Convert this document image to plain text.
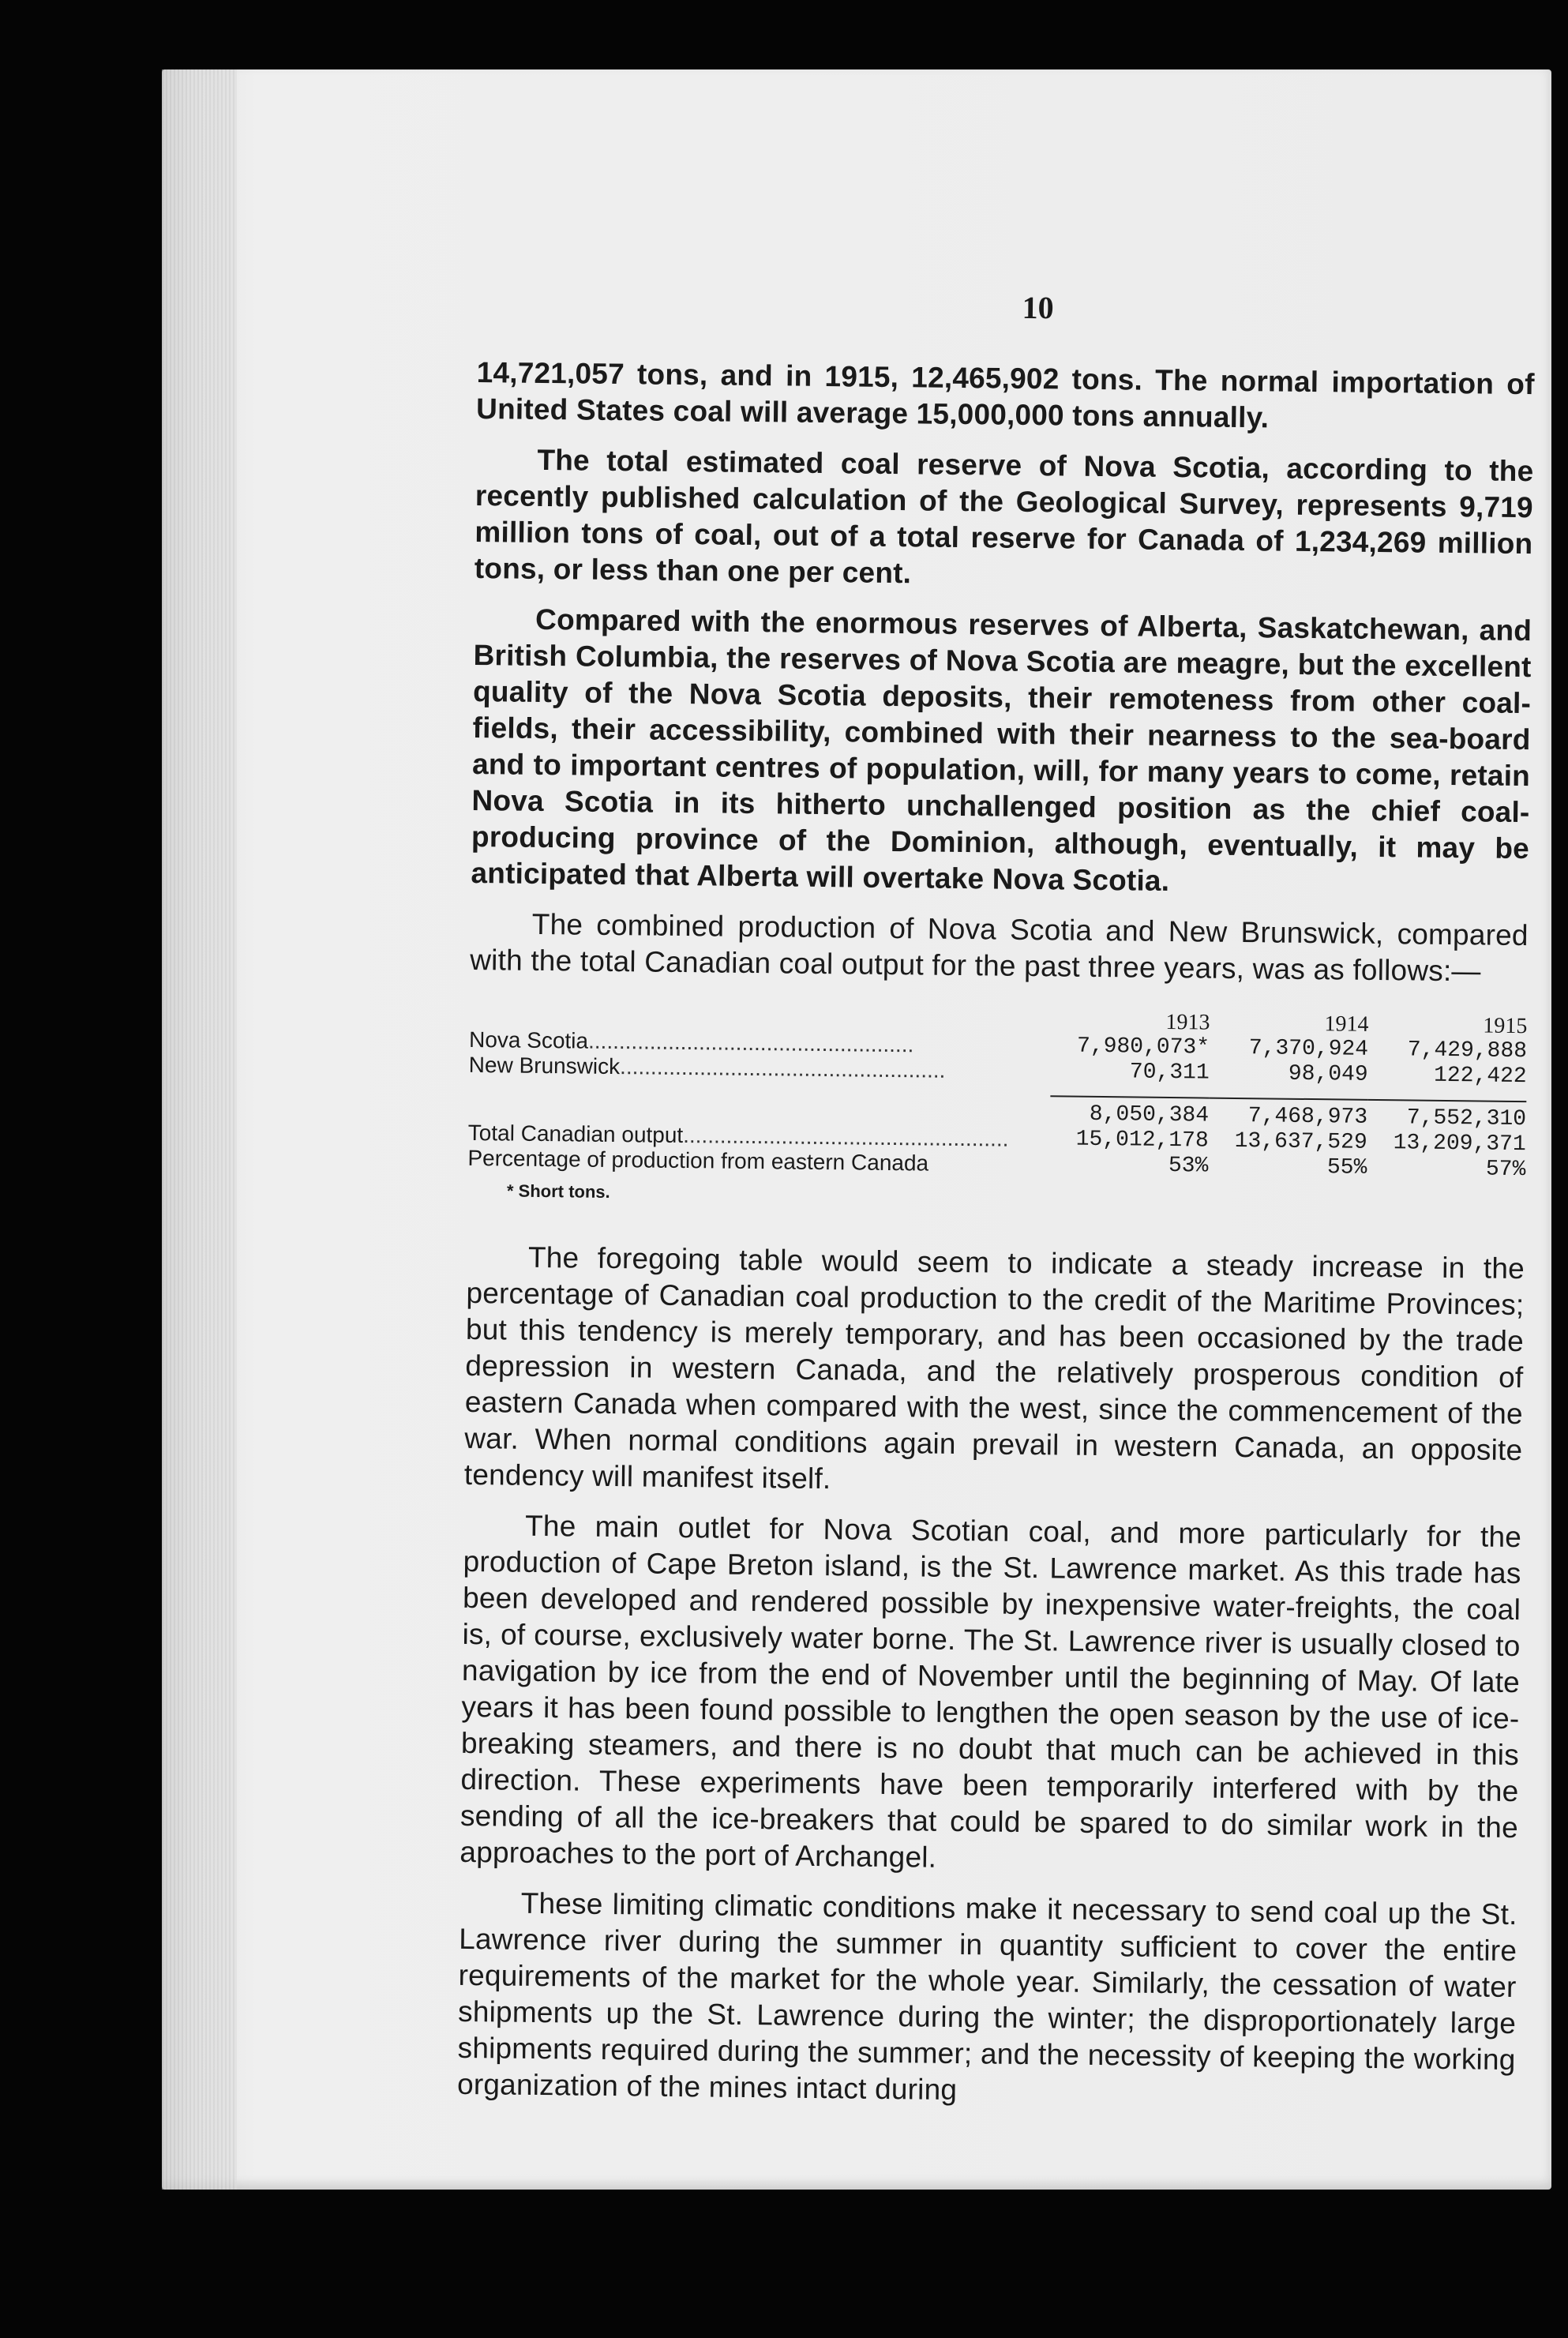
10

14,721,057 tons, and in 1915, 12,465,902 tons. The normal importation of United States coal will average 15,000,000 tons annually.

The total estimated coal reserve of Nova Scotia, according to the recently published calculation of the Geological Survey, represents 9,719 million tons of coal, out of a total reserve for Canada of 1,234,269 million tons, or less than one per cent.

Compared with the enormous reserves of Alberta, Saskatchewan, and British Columbia, the reserves of Nova Scotia are meagre, but the excellent quality of the Nova Scotia deposits, their remoteness from other coal-fields, their accessibility, combined with their nearness to the sea-board and to important centres of population, will, for many years to come, retain Nova Scotia in its hitherto unchallenged position as the chief coal-producing province of the Dominion, although, eventually, it may be anticipated that Alberta will overtake Nova Scotia.

The combined production of Nova Scotia and New Brunswick, compared with the total Canadian coal output for the past three years, was as follows:—

	1913	1914	1915
Nova Scotia.....................................................	7,980,073*	7,370,924	7,429,888
New Brunswick.....................................................	70,311	98,049	122,422

	8,050,384	7,468,973	7,552,310
Total Canadian output.....................................................	15,012,178	13,637,529	13,209,371
Percentage of production from eastern Canada	53%	55%	57%
* Short tons.

The foregoing table would seem to indicate a steady increase in the percentage of Canadian coal production to the credit of the Maritime Provinces; but this tendency is merely temporary, and has been occasioned by the trade depression in western Canada, and the relatively prosperous condition of eastern Canada when compared with the west, since the commencement of the war. When normal conditions again prevail in western Canada, an opposite tendency will manifest itself.

The main outlet for Nova Scotian coal, and more particularly for the production of Cape Breton island, is the St. Lawrence market. As this trade has been developed and rendered possible by inexpensive water-freights, the coal is, of course, exclusively water borne. The St. Lawrence river is usually closed to navigation by ice from the end of November until the beginning of May. Of late years it has been found possible to lengthen the open season by the use of ice-breaking steamers, and there is no doubt that much can be achieved in this direction. These experiments have been temporarily interfered with by the sending of all the ice-breakers that could be spared to do similar work in the approaches to the port of Archangel.

These limiting climatic conditions make it necessary to send coal up the St. Lawrence river during the summer in quantity sufficient to cover the entire requirements of the market for the whole year. Similarly, the cessation of water shipments up the St. Lawrence during the winter; the disproportionately large shipments required during the summer; and the necessity of keeping the working organization of the mines intact during
